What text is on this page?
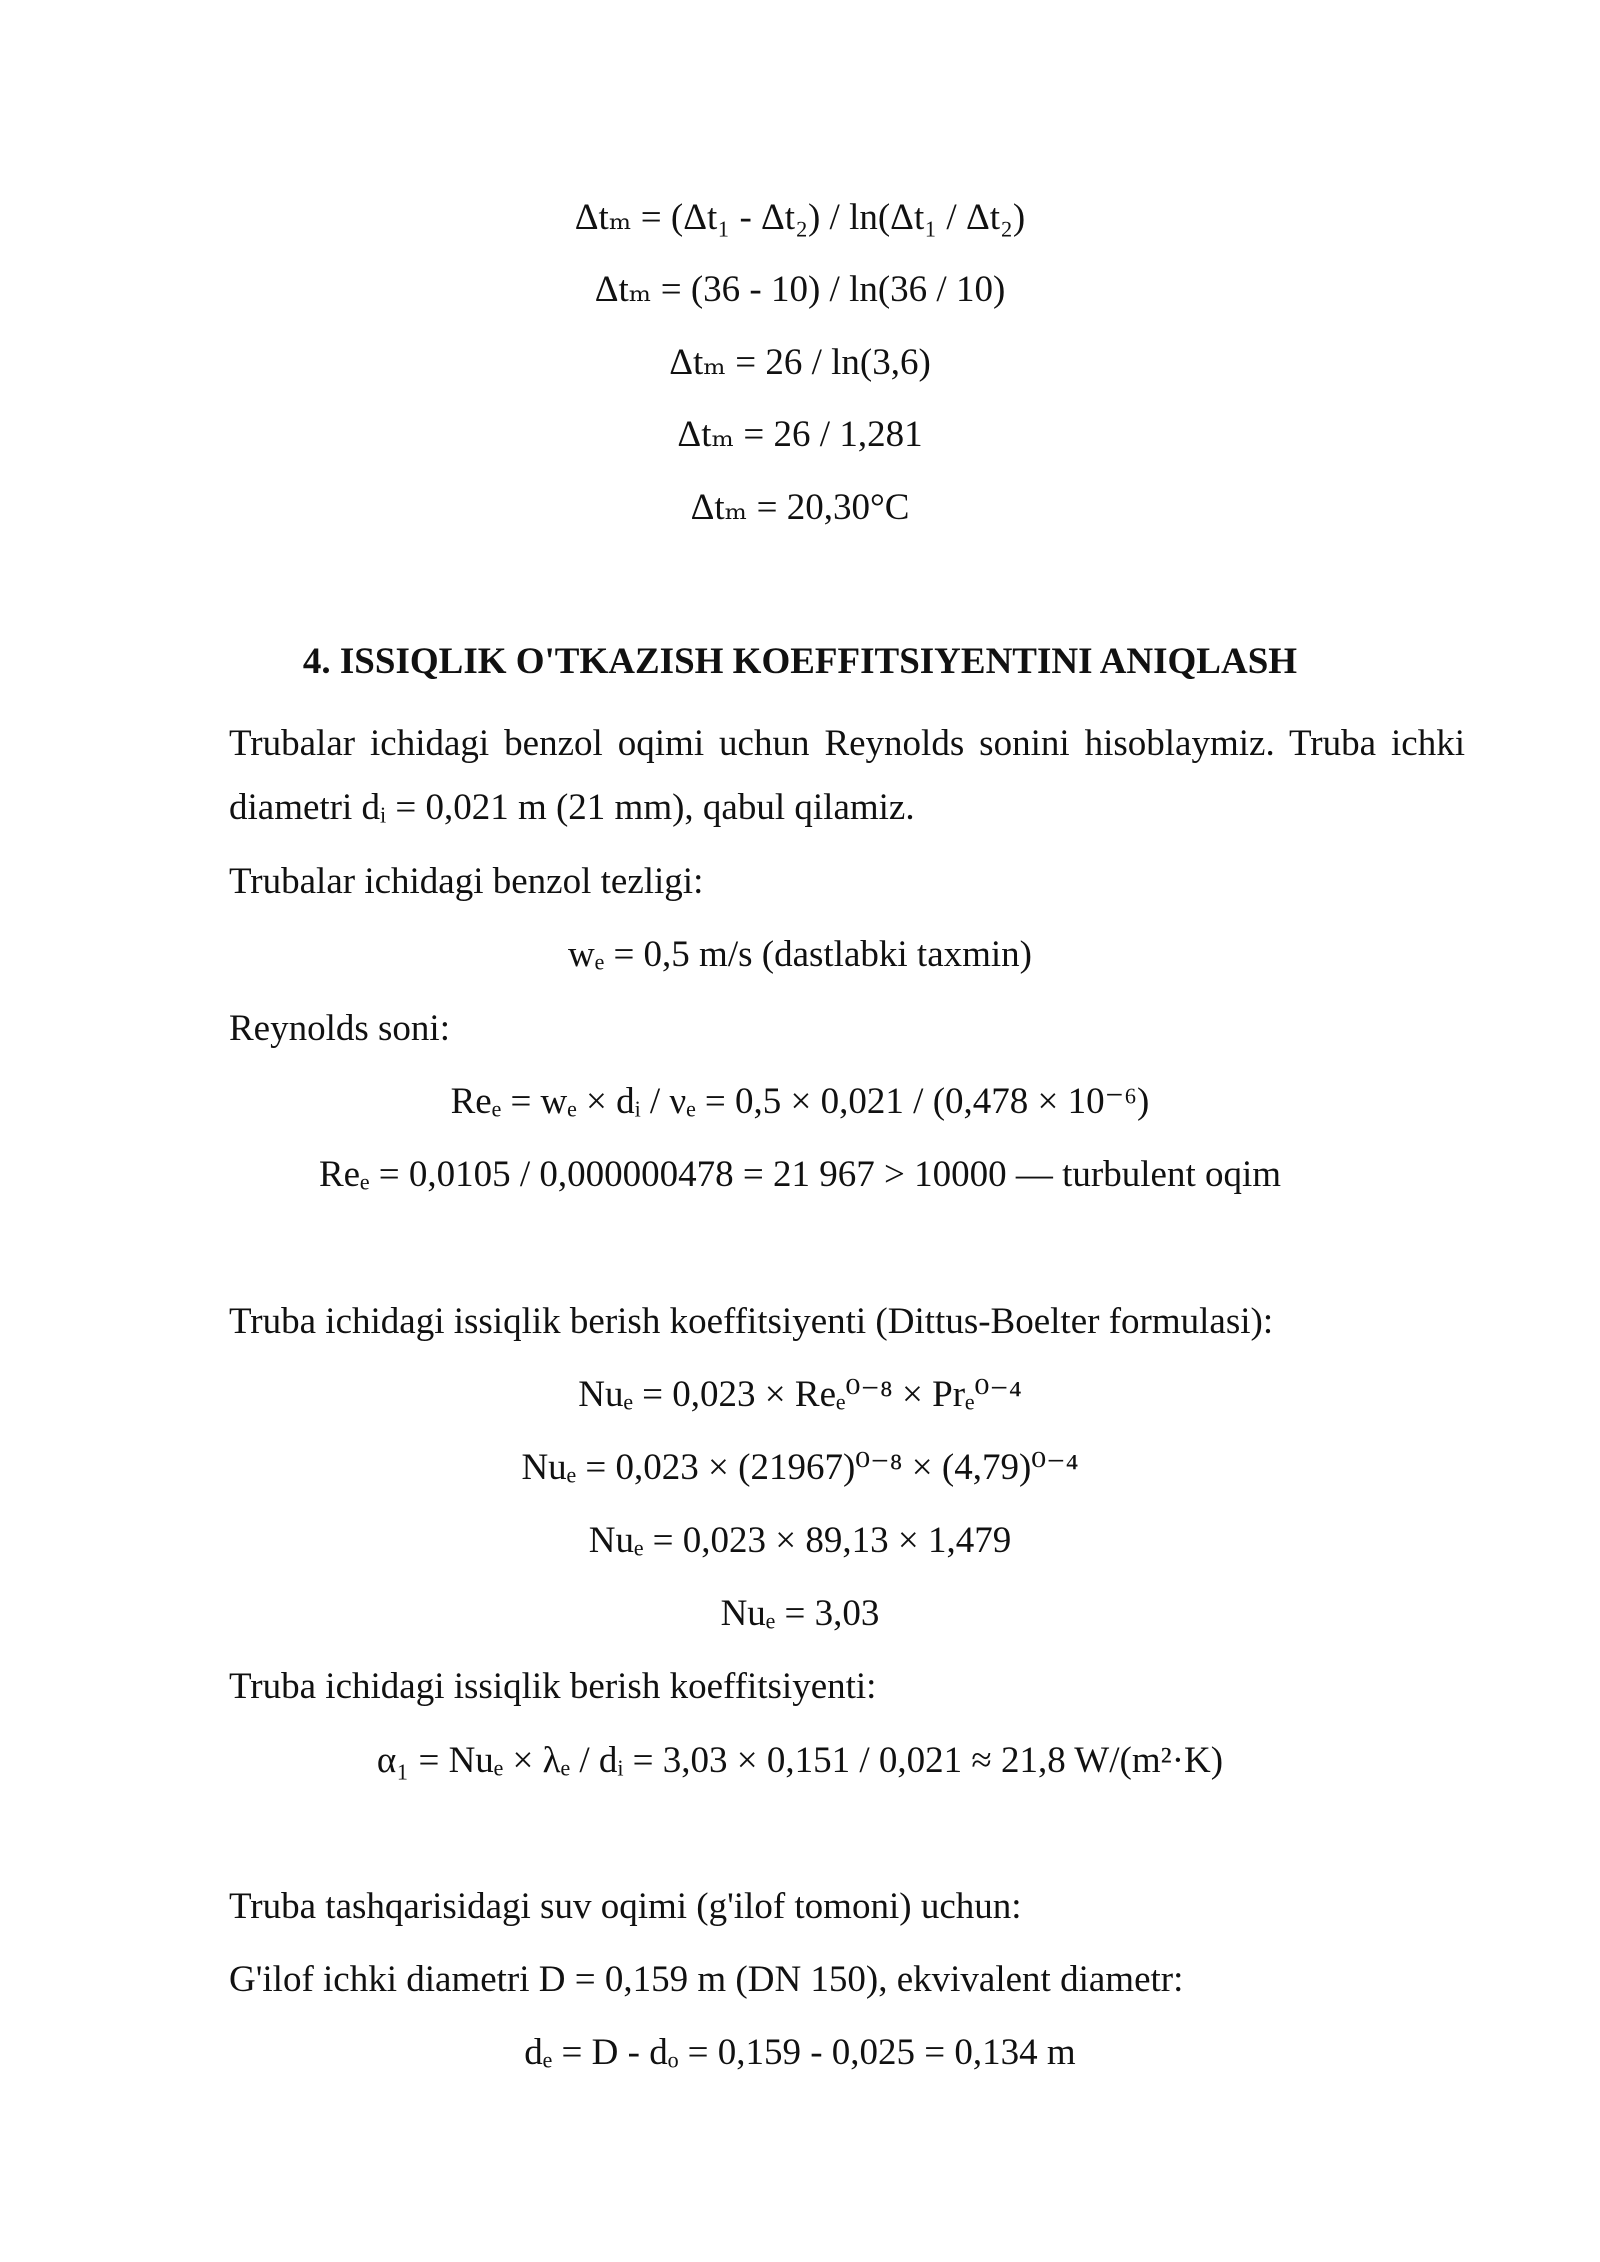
Δtₘ = (Δt₁ - Δt₂) / ln(Δt₁ / Δt₂)
Δtₘ = (36 - 10) / ln(36 / 10)
Δtₘ = 26 / ln(3,6)
Δtₘ = 26 / 1,281
Δtₘ = 20,30°C
4. ISSIQLIK O'TKAZISH KOEFFITSIYENTINI ANIQLASH
Trubalar ichidagi benzol oqimi uchun Reynolds sonini hisoblaymiz. Truba ichki
diametri dᵢ = 0,021 m (21 mm), qabul qilamiz.
Trubalar ichidagi benzol tezligi:
wₑ = 0,5 m/s (dastlabki taxmin)
Reynolds soni:
Reₑ = wₑ × dᵢ / νₑ = 0,5 × 0,021 / (0,478 × 10⁻⁶)
Reₑ = 0,0105 / 0,000000478 = 21 967 > 10000 — turbulent oqim
Truba ichidagi issiqlik berish koeffitsiyenti (Dittus-Boelter formulasi):
Nuₑ = 0,023 × Reₑ⁰⁻⁸ × Prₑ⁰⁻⁴
Nuₑ = 0,023 × (21967)⁰⁻⁸ × (4,79)⁰⁻⁴
Nuₑ = 0,023 × 89,13 × 1,479
Nuₑ = 3,03
Truba ichidagi issiqlik berish koeffitsiyenti:
α₁ = Nuₑ × λₑ / dᵢ = 3,03 × 0,151 / 0,021 ≈ 21,8 W/(m²·K)
Truba tashqarisidagi suv oqimi (g'ilof tomoni) uchun:
G'ilof ichki diametri D = 0,159 m (DN 150), ekvivalent diametr:
dₑ = D - dₒ = 0,159 - 0,025 = 0,134 m
